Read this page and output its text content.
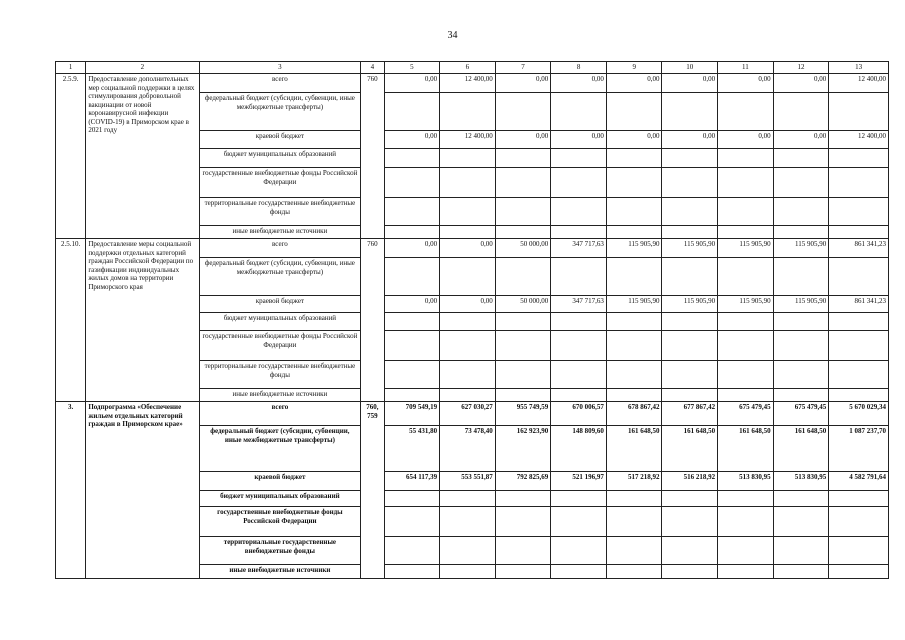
34
1	2	3	4	5	6	7	8	9	10	11	12	13
2.5.9.	Предоставление дополнительных мер социальной поддержки в целях стимулирования добровольной вакцинации от новой коронавирусной инфекции (COVID-19) в Приморском крае в 2021 году	всего	760	0,00	12 400,00	0,00	0,00	0,00	0,00	0,00	0,00	12 400,00
		федеральный бюджет (субсидии, субвенции, иные межбюджетные трансферты)										
		краевой бюджет		0,00	12 400,00	0,00	0,00	0,00	0,00	0,00	0,00	12 400,00
		бюджет муниципальных образований										
		государственные внебюджетные фонды Российской Федерации										
		территориальные государственные внебюджетные фонды										
		иные внебюджетные источники										
2.5.10.	Предоставление меры социальной поддержки отдельных категорий граждан Российской Федерации по газификации индивидуальных жилых домов на территории Приморского края	всего	760	0,00	0,00	50 000,00	347 717,63	115 905,90	115 905,90	115 905,90	115 905,90	861 341,23
		федеральный бюджет (субсидии, субвенции, иные межбюджетные трансферты)										
		краевой бюджет		0,00	0,00	50 000,00	347 717,63	115 905,90	115 905,90	115 905,90	115 905,90	861 341,23
		бюджет муниципальных образований										
		государственные внебюджетные фонды Российской Федерации										
		территориальные государственные внебюджетные фонды										
		иные внебюджетные источники										
3.	Подпрограмма «Обеспечение жильем отдельных категорий граждан в Приморском крае»	всего	760, 759	709 549,19	627 030,27	955 749,59	670 006,57	678 867,42	677 867,42	675 479,45	675 479,45	5 670 029,34
		федеральный бюджет (субсидии, субвенции, иные межбюджетные трансферты)		55 431,80	73 478,40	162 923,90	148 809,60	161 648,50	161 648,50	161 648,50	161 648,50	1 087 237,70
		краевой бюджет		654 117,39	553 551,87	792 825,69	521 196,97	517 218,92	516 218,92	513 830,95	513 830,95	4 582 791,64
		бюджет муниципальных образований										
		государственные внебюджетные фонды Российской Федерации										
		территориальные государственные внебюджетные фонды										
		иные внебюджетные источники										
